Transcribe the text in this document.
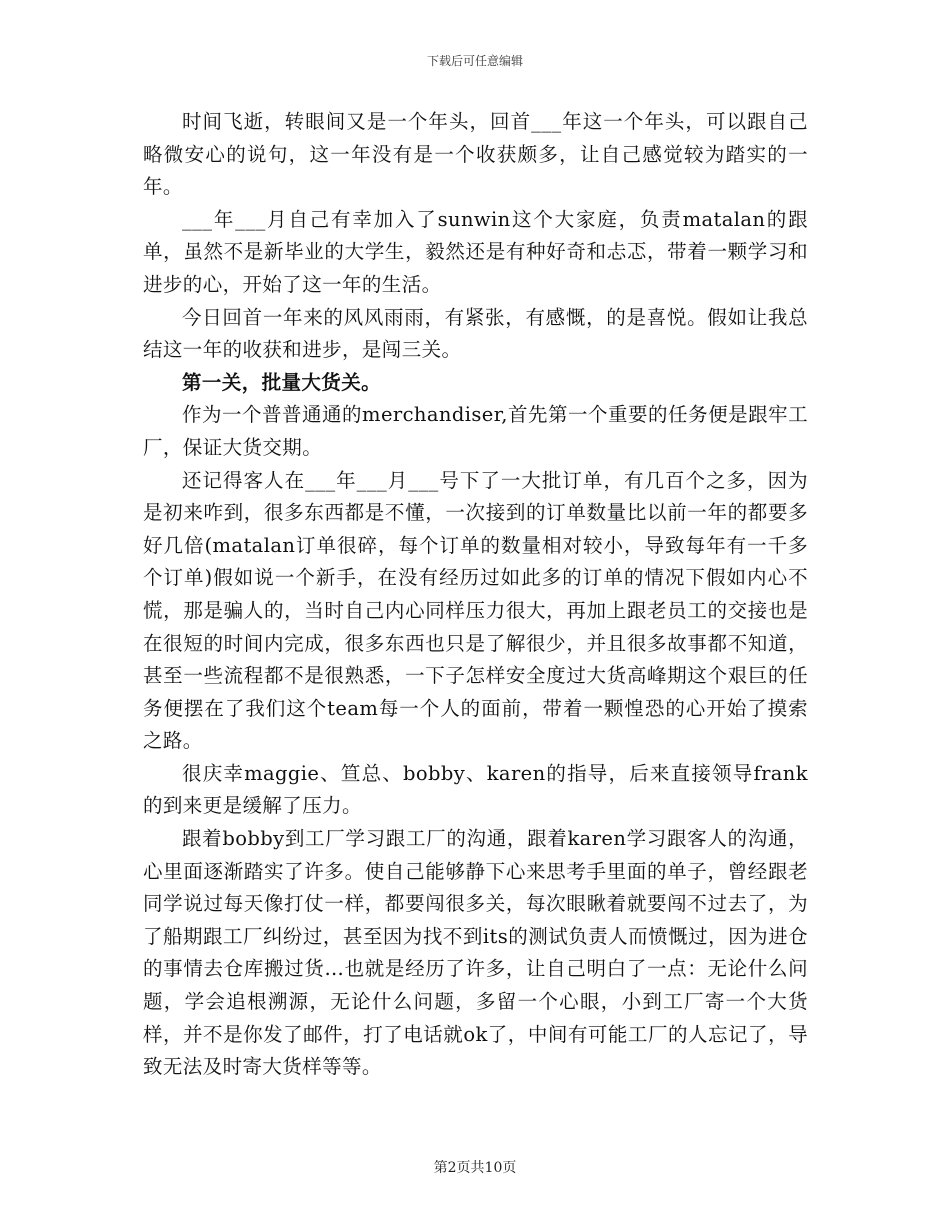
下载后可任意编辑

时间飞逝，转眼间又是一个年头，回首___年这一个年头，可以跟自己略微安心的说句，这一年没有是一个收获颇多，让自己感觉较为踏实的一年。

___年___月自己有幸加入了sunwin这个大家庭，负责matalan的跟单，虽然不是新毕业的大学生，毅然还是有种好奇和忐忑，带着一颗学习和进步的心，开始了这一年的生活。

今日回首一年来的风风雨雨，有紧张，有感慨，的是喜悦。假如让我总结这一年的收获和进步，是闯三关。

第一关，批量大货关。

作为一个普普通通的merchandiser,首先第一个重要的任务便是跟牢工厂，保证大货交期。

还记得客人在___年___月___号下了一大批订单，有几百个之多，因为是初来咋到，很多东西都是不懂，一次接到的订单数量比以前一年的都要多好几倍(matalan订单很碎，每个订单的数量相对较小，导致每年有一千多个订单)假如说一个新手，在没有经历过如此多的订单的情况下假如内心不慌，那是骗人的，当时自己内心同样压力很大，再加上跟老员工的交接也是在很短的时间内完成，很多东西也只是了解很少，并且很多故事都不知道，甚至一些流程都不是很熟悉，一下子怎样安全度过大货高峰期这个艰巨的任务便摆在了我们这个team每一个人的面前，带着一颗惶恐的心开始了摸索之路。

很庆幸maggie、笪总、bobby、karen的指导，后来直接领导frank的到来更是缓解了压力。

跟着bobby到工厂学习跟工厂的沟通，跟着karen学习跟客人的沟通，心里面逐渐踏实了许多。使自己能够静下心来思考手里面的单子，曾经跟老同学说过每天像打仗一样，都要闯很多关，每次眼瞅着就要闯不过去了，为了船期跟工厂纠纷过，甚至因为找不到its的测试负责人而愤慨过，因为进仓的事情去仓库搬过货…也就是经历了许多，让自己明白了一点：无论什么问题，学会追根溯源，无论什么问题，多留一个心眼，小到工厂寄一个大货样，并不是你发了邮件，打了电话就ok了，中间有可能工厂的人忘记了，导致无法及时寄大货样等等。

第2页共10页
